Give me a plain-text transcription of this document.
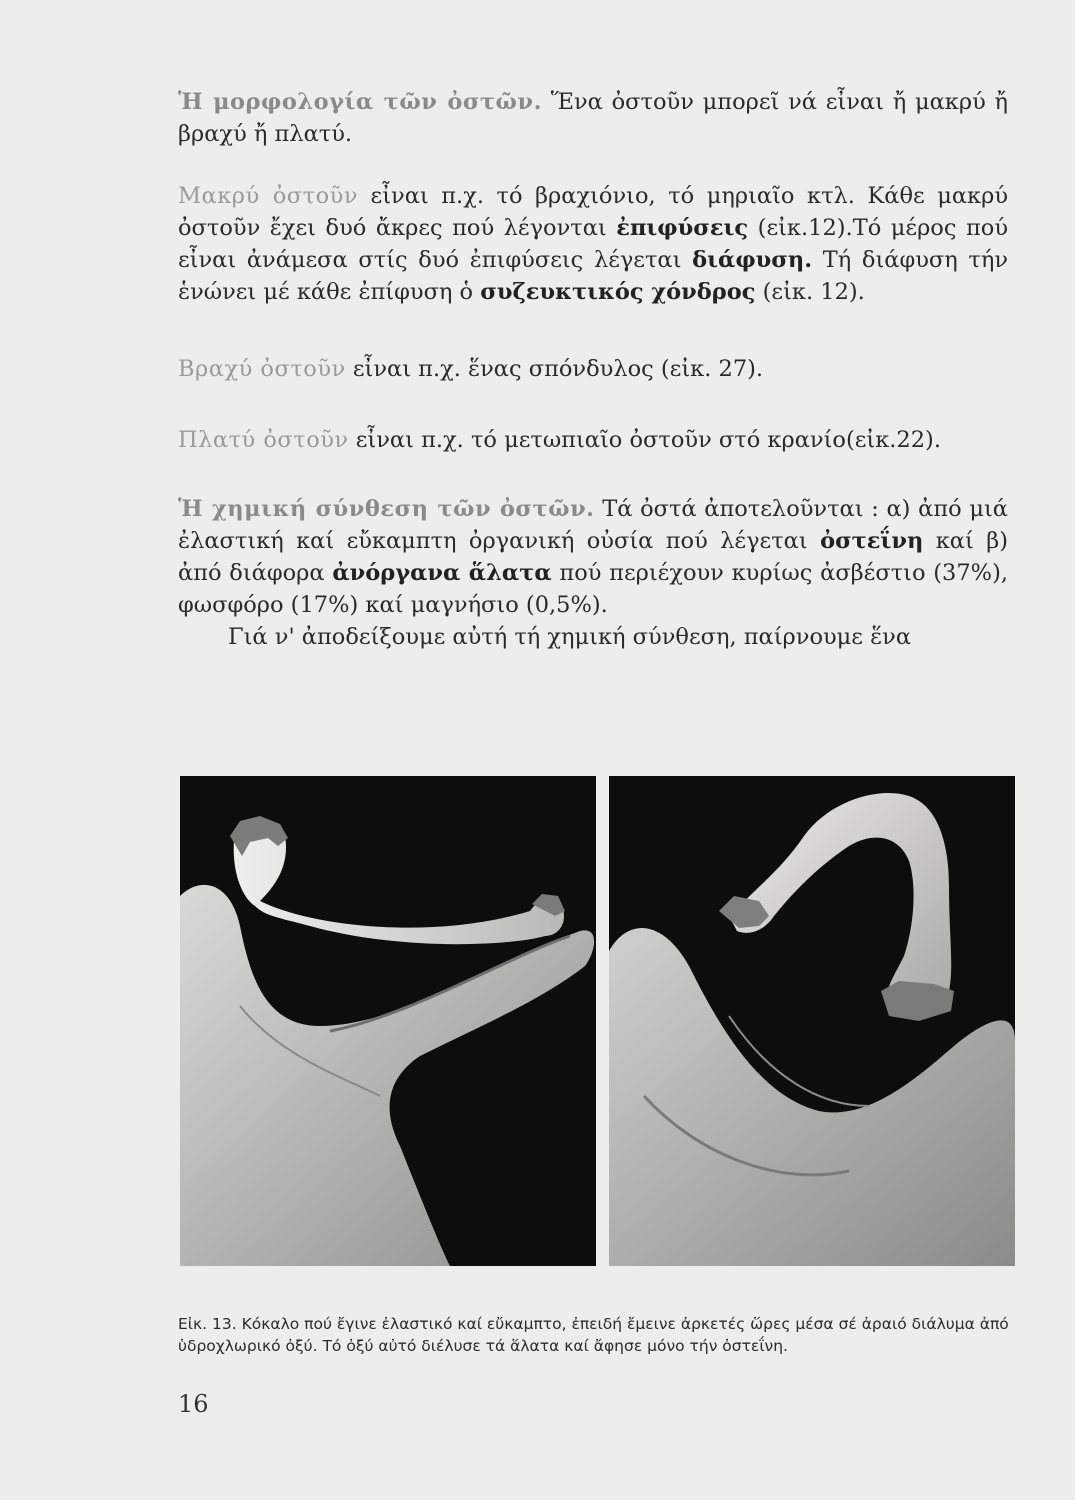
Ἡ μορφολογία τῶν ὀστῶν. Ἕνα ὀστοῦν μπορεῖ νά εἶναι ἤ μακρύ ἤ βραχύ ἤ πλατύ.

Μακρύ ὀστοῦν εἶναι π.χ. τό βραχιόνιο, τό μηριαῖο κτλ. Κάθε μακρύ ὀστοῦν ἔχει δυό ἄκρες πού λέγονται ἐπιφύσεις (εἰκ.12).Τό μέρος πού εἶναι ἀνάμεσα στίς δυό ἐπιφύσεις λέγεται διάφυση. Τή διάφυση τήν ἑνώνει μέ κάθε ἐπίφυση ὁ συζευκτικός χόνδρος (εἰκ. 12).

Βραχύ ὀστοῦν εἶναι π.χ. ἕνας σπόνδυλος (εἰκ. 27).

Πλατύ ὀστοῦν εἶναι π.χ. τό μετωπιαῖο ὀστοῦν στό κρανίο(εἰκ.22).

Ἡ χημική σύνθεση τῶν ὀστῶν. Τά ὀστά ἀποτελοῦνται : α) ἀπό μιά ἐλαστική καί εὔκαμπτη ὀργανική οὐσία πού λέγεται ὀστεΐνη καί β) ἀπό διάφορα ἀνόργανα ἅλατα πού περιέχουν κυρίως ἀσβέστιο (37%), φωσφόρο (17%) καί μαγνήσιο (0,5%).

Γιά ν' ἀποδείξουμε αὐτή τή χημική σύνθεση, παίρνουμε ἕνα

Εἰκ. 13. Κόκαλο πού ἔγινε ἐλαστικό καί εὔκαμπτο, ἐπειδή ἔμεινε ἀρκετές ὥρες μέσα σέ ἀραιό διάλυμα ἀπό ὑδροχλωρικό ὀξύ. Τό ὀξύ αὐτό διέλυσε τά ἅλατα καί ἄφησε μόνο τήν ὀστεΐνη.
16
